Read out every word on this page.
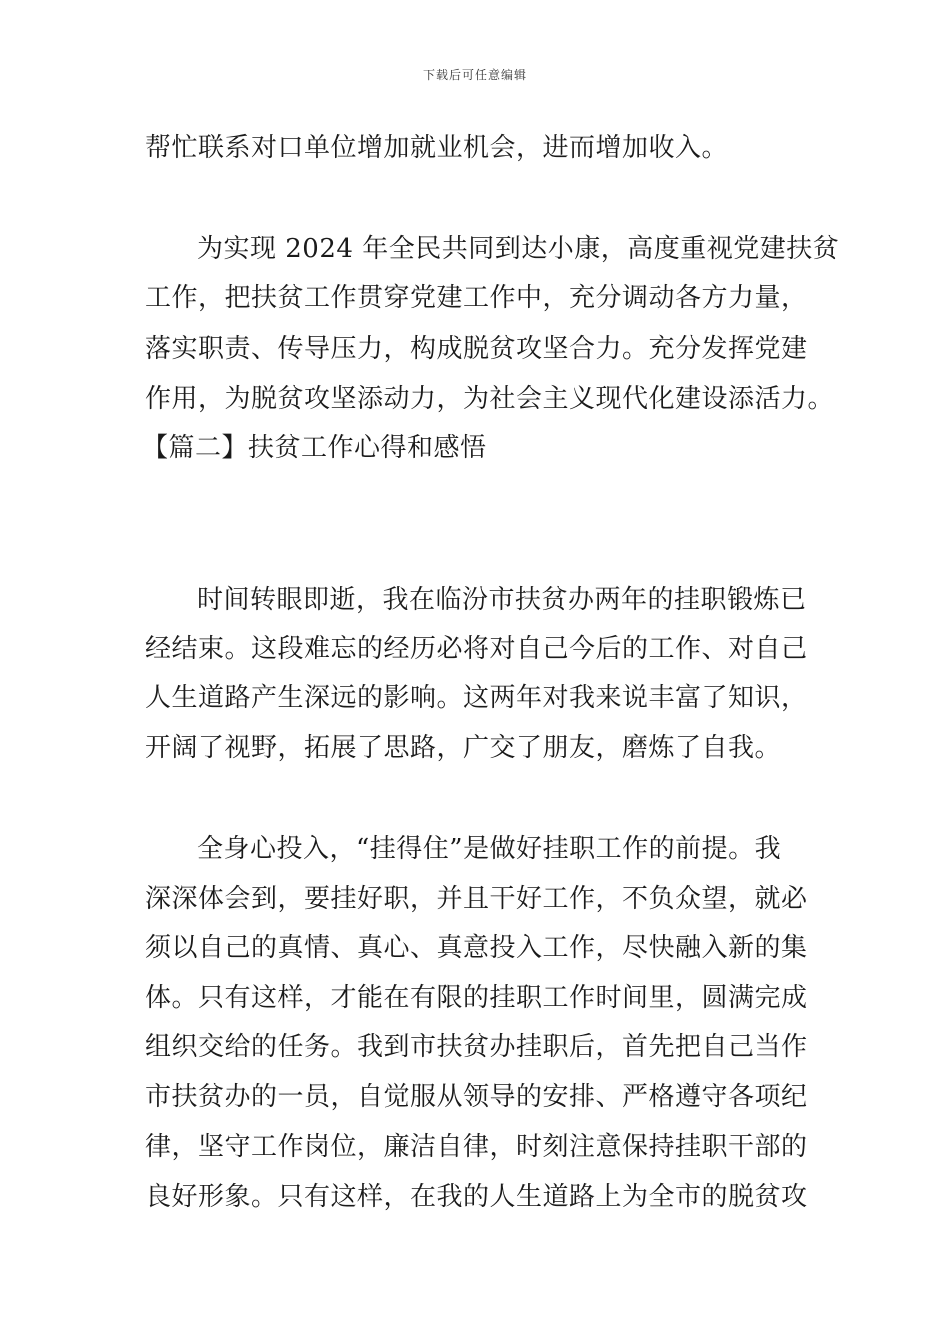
下载后可任意编辑
帮忙联系对口单位增加就业机会，进而增加收入。
为实现 2024 年全民共同到达小康，高度重视党建扶贫
工作，把扶贫工作贯穿党建工作中，充分调动各方力量，
落实职责、传导压力，构成脱贫攻坚合力。充分发挥党建
作用，为脱贫攻坚添动力，为社会主义现代化建设添活力。
【篇二】扶贫工作心得和感悟
时间转眼即逝，我在临汾市扶贫办两年的挂职锻炼已
经结束。这段难忘的经历必将对自己今后的工作、对自己
人生道路产生深远的影响。这两年对我来说丰富了知识，
开阔了视野，拓展了思路，广交了朋友，磨炼了自我。
全身心投入，“挂得住”是做好挂职工作的前提。我
深深体会到，要挂好职，并且干好工作，不负众望，就必
须以自己的真情、真心、真意投入工作，尽快融入新的集
体。只有这样，才能在有限的挂职工作时间里，圆满完成
组织交给的任务。我到市扶贫办挂职后，首先把自己当作
市扶贫办的一员，自觉服从领导的安排、严格遵守各项纪
律，坚守工作岗位，廉洁自律，时刻注意保持挂职干部的
良好形象。只有这样，在我的人生道路上为全市的脱贫攻
